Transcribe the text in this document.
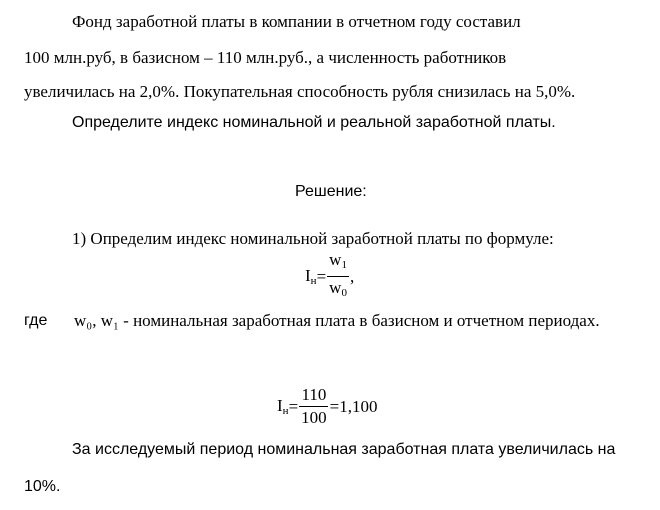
Фонд заработной платы в компании в отчетном году составил
100 млн.руб, в базисном – 110 млн.руб., а численность работников
увеличилась на 2,0%. Покупательная способность рубля снизилась на 5,0%.
Определите индекс номинальной и реальной заработной платы.
Решение:
1) Определим индекс номинальной заработной платы по формуле:
$I_н = \frac{w_1}{w_0}$ ,
где w₀, w₁ - номинальная заработная плата в базисном и отчетном периодах.
$I_н = \frac{110}{100} =1,100$
За исследуемый период номинальная заработная плата увеличилась на
10%.
